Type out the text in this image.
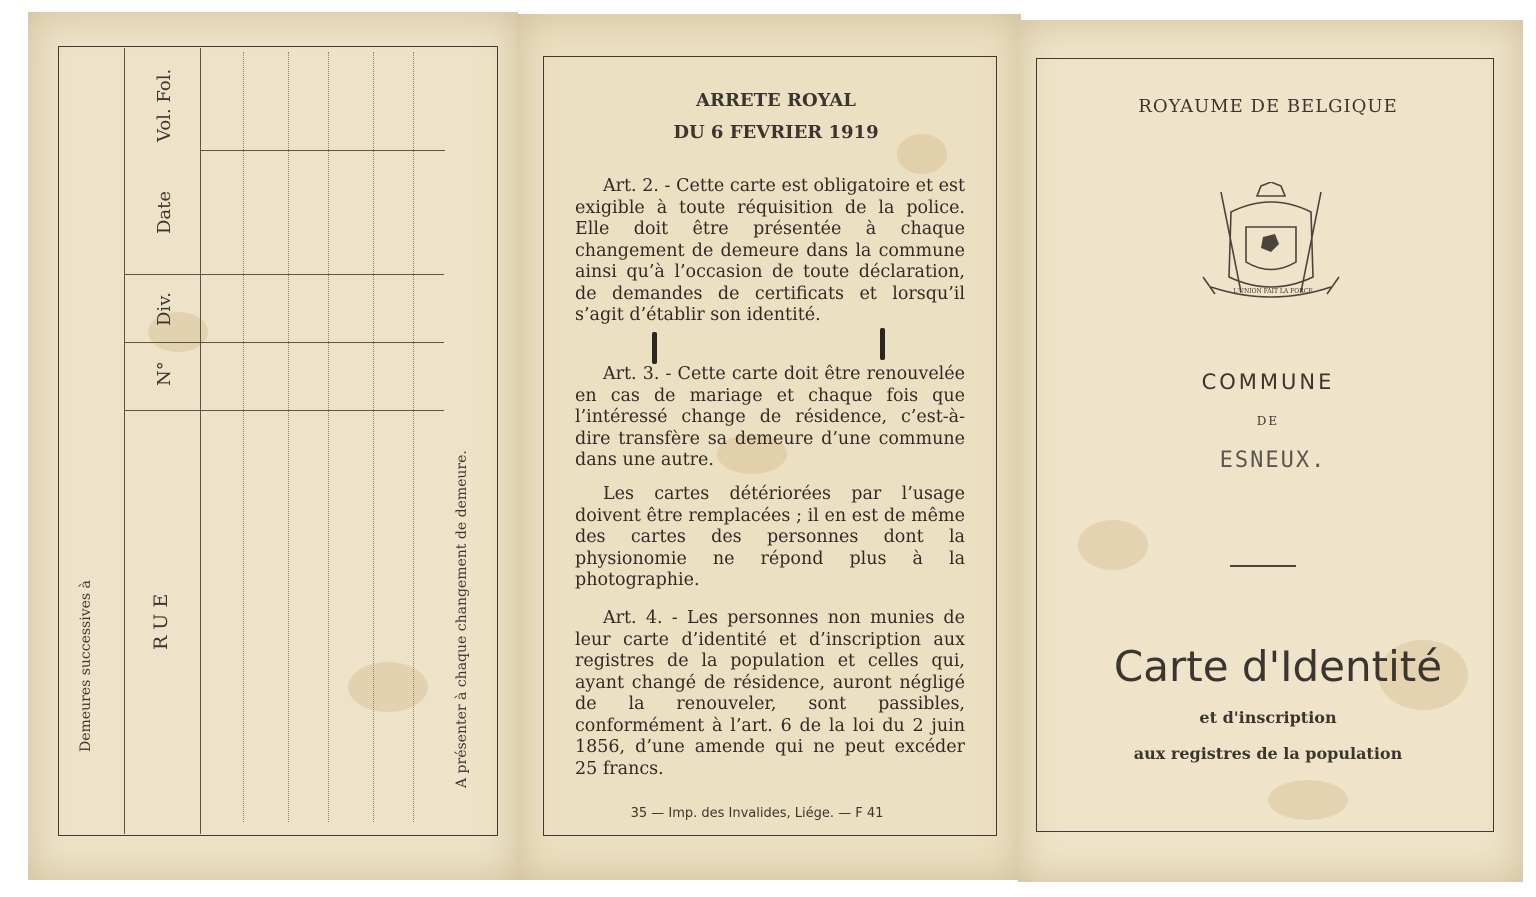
Vol. Fol.
Date
Div.
N°
RUE
Demeures successives à	A présenter à chaque changement de demeure.
ARRETE ROYAL
DU 6 FEVRIER 1919
Art. 2. - Cette carte est obligatoire et est exigible à toute réquisition de la police. Elle doit être présentée à chaque changement de demeure dans la commune ainsi qu’à l’occasion de toute déclaration, de demandes de certificats et lorsqu’il s’agit d’établir son identité.
Art. 3. - Cette carte doit être renouvelée en cas de mariage et chaque fois que l’intéressé change de résidence, c’est-à-dire transfère sa demeure d’une commune dans une autre.
Les cartes détériorées par l’usage doivent être remplacées ; il en est de même des cartes des personnes dont la physionomie ne répond plus à la photographie.
Art. 4. - Les personnes non munies de leur carte d’identité et d’inscription aux registres de la population et celles qui, ayant changé de résidence, auront négligé de la renouveler, sont passibles, conformément à l’art. 6 de la loi du 2 juin 1856, d’une amende qui ne peut excéder 25 francs.
35 — Imp. des Invalides, Liége. — F 41
ROYAUME DE BELGIQUE
L'UNION FAIT LA FORCE
COMMUNE
DE
ESNEUX.
Carte d'Identité
et d'inscription
aux registres de la population
